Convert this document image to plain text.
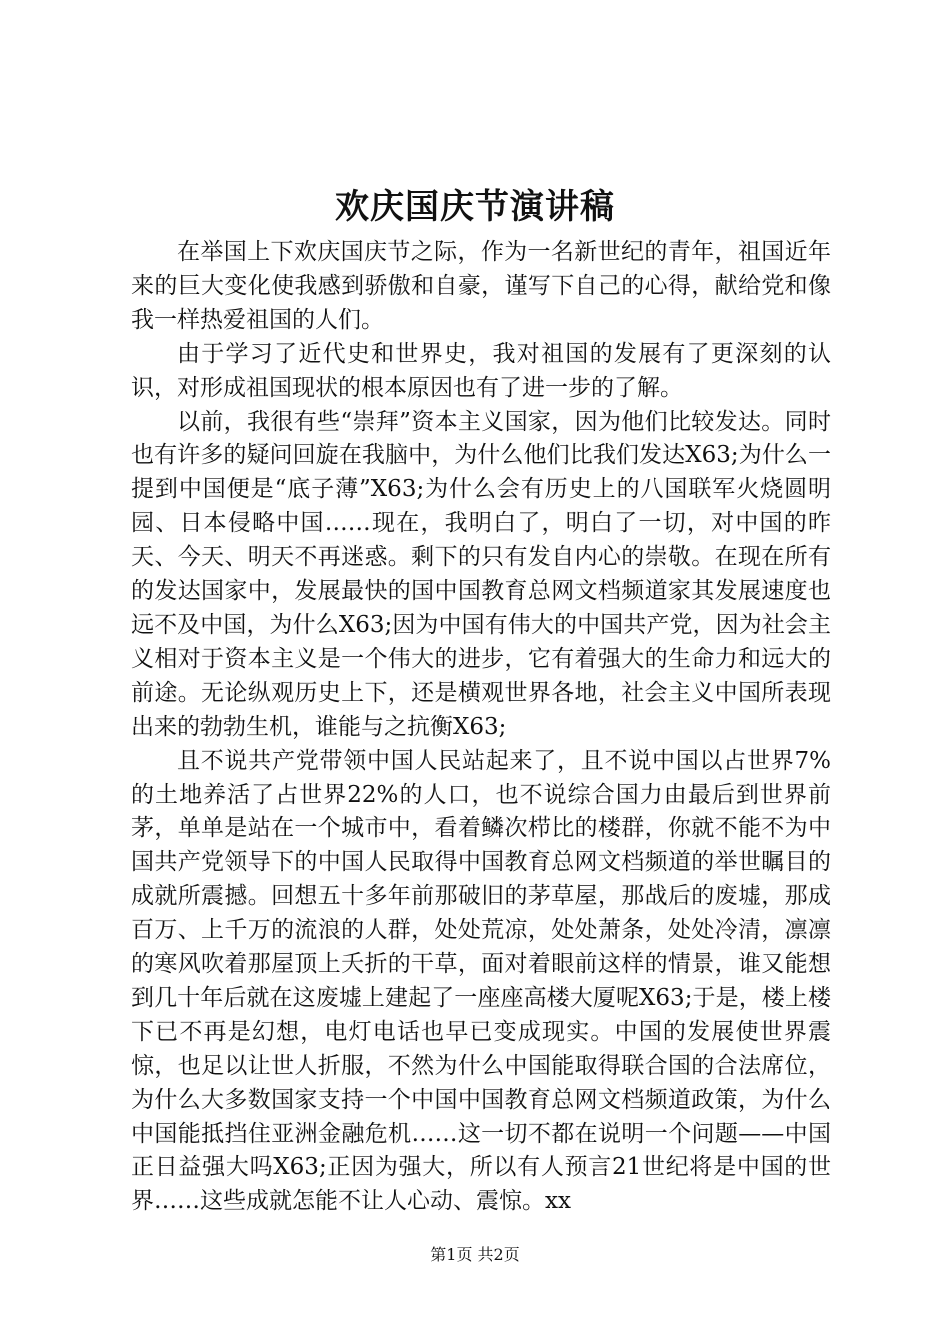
欢庆国庆节演讲稿

在举国上下欢庆国庆节之际，作为一名新世纪的青年，祖国近年来的巨大变化使我感到骄傲和自豪，谨写下自己的心得，献给党和像我一样热爱祖国的人们。

由于学习了近代史和世界史，我对祖国的发展有了更深刻的认识，对形成祖国现状的根本原因也有了进一步的了解。

以前，我很有些“崇拜”资本主义国家，因为他们比较发达。同时也有许多的疑问回旋在我脑中，为什么他们比我们发达X63;为什么一提到中国便是“底子薄”X63;为什么会有历史上的八国联军火烧圆明园、日本侵略中国……现在，我明白了，明白了一切，对中国的昨天、今天、明天不再迷惑。剩下的只有发自内心的崇敬。在现在所有的发达国家中，发展最快的国中国教育总网文档频道家其发展速度也远不及中国，为什么X63;因为中国有伟大的中国共产党，因为社会主义相对于资本主义是一个伟大的进步，它有着强大的生命力和远大的前途。无论纵观历史上下，还是横观世界各地，社会主义中国所表现出来的勃勃生机，谁能与之抗衡X63;

且不说共产党带领中国人民站起来了，且不说中国以占世界7%的土地养活了占世界22%的人口，也不说综合国力由最后到世界前茅，单单是站在一个城市中，看着鳞次栉比的楼群，你就不能不为中国共产党领导下的中国人民取得中国教育总网文档频道的举世瞩目的成就所震撼。回想五十多年前那破旧的茅草屋，那战后的废墟，那成百万、上千万的流浪的人群，处处荒凉，处处萧条，处处冷清，凛凛的寒风吹着那屋顶上夭折的干草，面对着眼前这样的情景，谁又能想到几十年后就在这废墟上建起了一座座高楼大厦呢X63;于是，楼上楼下已不再是幻想，电灯电话也早已变成现实。中国的发展使世界震惊，也足以让世人折服，不然为什么中国能取得联合国的合法席位，为什么大多数国家支持一个中国中国教育总网文档频道政策，为什么中国能抵挡住亚洲金融危机……这一切不都在说明一个问题——中国正日益强大吗X63;正因为强大，所以有人预言21世纪将是中国的世界……这些成就怎能不让人心动、震惊。xx

第1页 共2页
